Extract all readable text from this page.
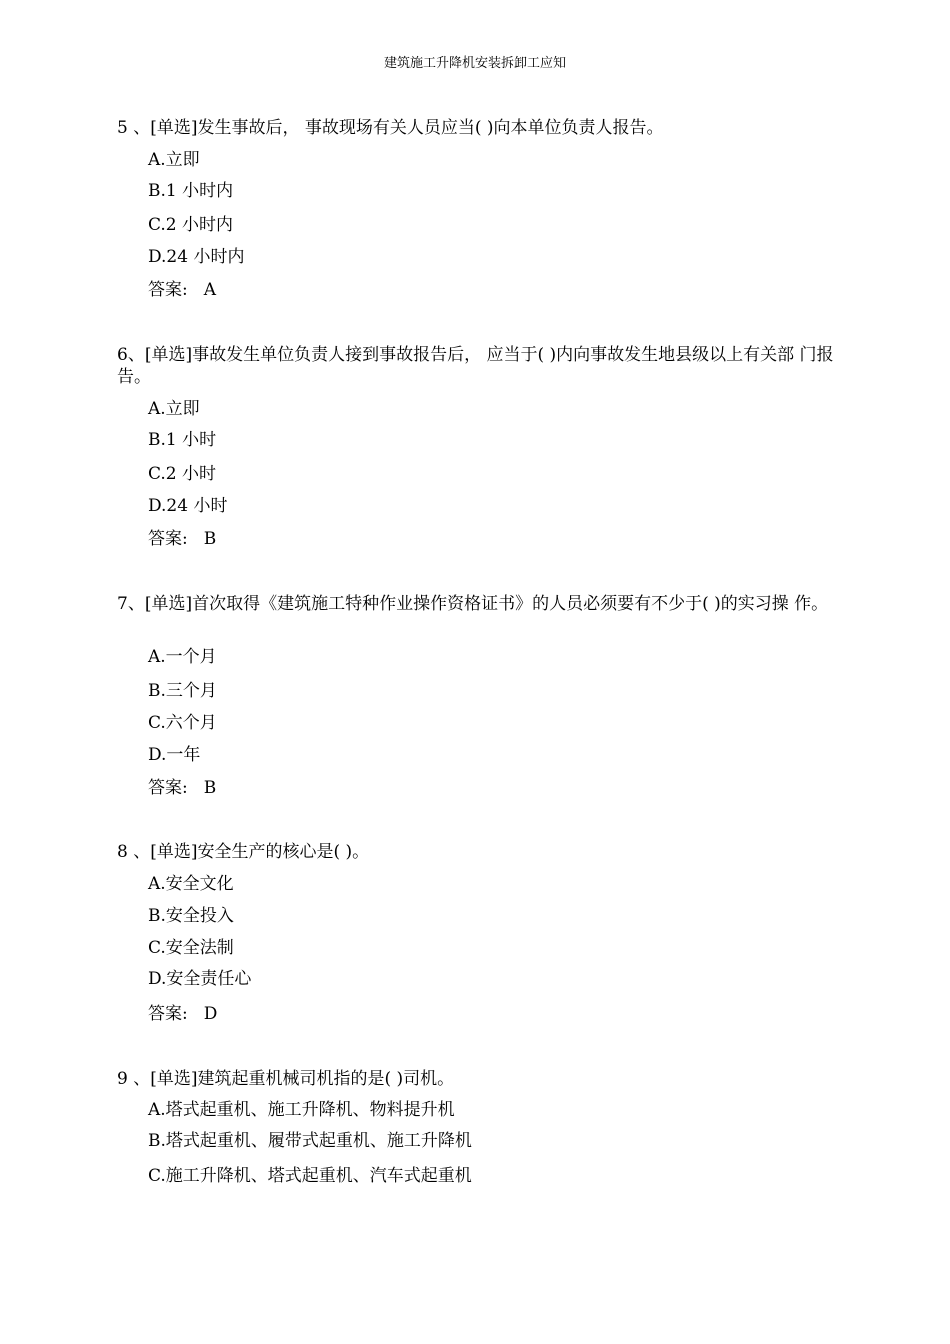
建筑施工升降机安装拆卸工应知
5 、[单选]发生事故后， 事故现场有关人员应当( )向本单位负责人报告。
A.立即
B.1 小时内
C.2 小时内
D.24 小时内
答案: A
6、[单选]事故发生单位负责人接到事故报告后， 应当于( )内向事故发生地县级以上有关部 门报告。
A.立即
B.1 小时
C.2 小时
D.24 小时
答案: B
7、[单选]首次取得《建筑施工特种作业操作资格证书》的人员必须要有不少于( )的实习操 作。
A.一个月
B.三个月
C.六个月
D.一年
答案: B
8 、[单选]安全生产的核心是( )。
A.安全文化
B.安全投入
C.安全法制
D.安全责任心
答案: D
9 、[单选]建筑起重机械司机指的是( )司机。
A.塔式起重机、施工升降机、物料提升机
B.塔式起重机、履带式起重机、施工升降机
C.施工升降机、塔式起重机、汽车式起重机
